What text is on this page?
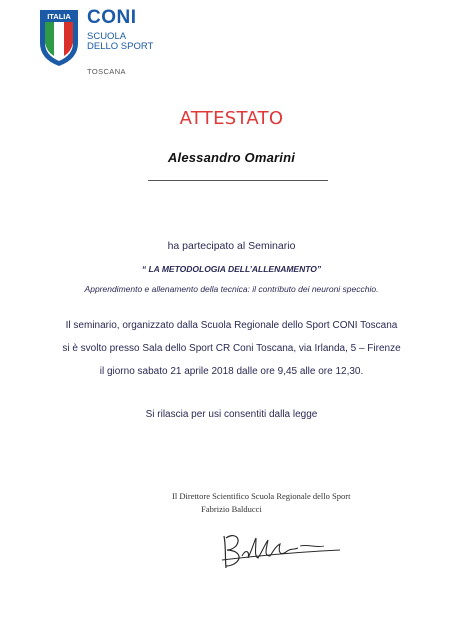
ITALIA CONI
SCUOLA
DELLO SPORT
TOSCANA
ATTESTATO
Alessandro Omarini
ha partecipato al Seminario
“ LA METODOLOGIA DELL’ALLENAMENTO”
Apprendimento e allenamento della tecnica: il contributo dei neuroni specchio.
Il seminario, organizzato dalla Scuola Regionale dello Sport CONI Toscana
si è svolto presso Sala dello Sport CR Coni Toscana, via Irlanda, 5 – Firenze
il giorno sabato 21 aprile 2018 dalle ore 9,45 alle ore 12,30.
Si rilascia per usi consentiti dalla legge
Il Direttore Scientifico Scuola Regionale dello Sport
Fabrizio Balducci
